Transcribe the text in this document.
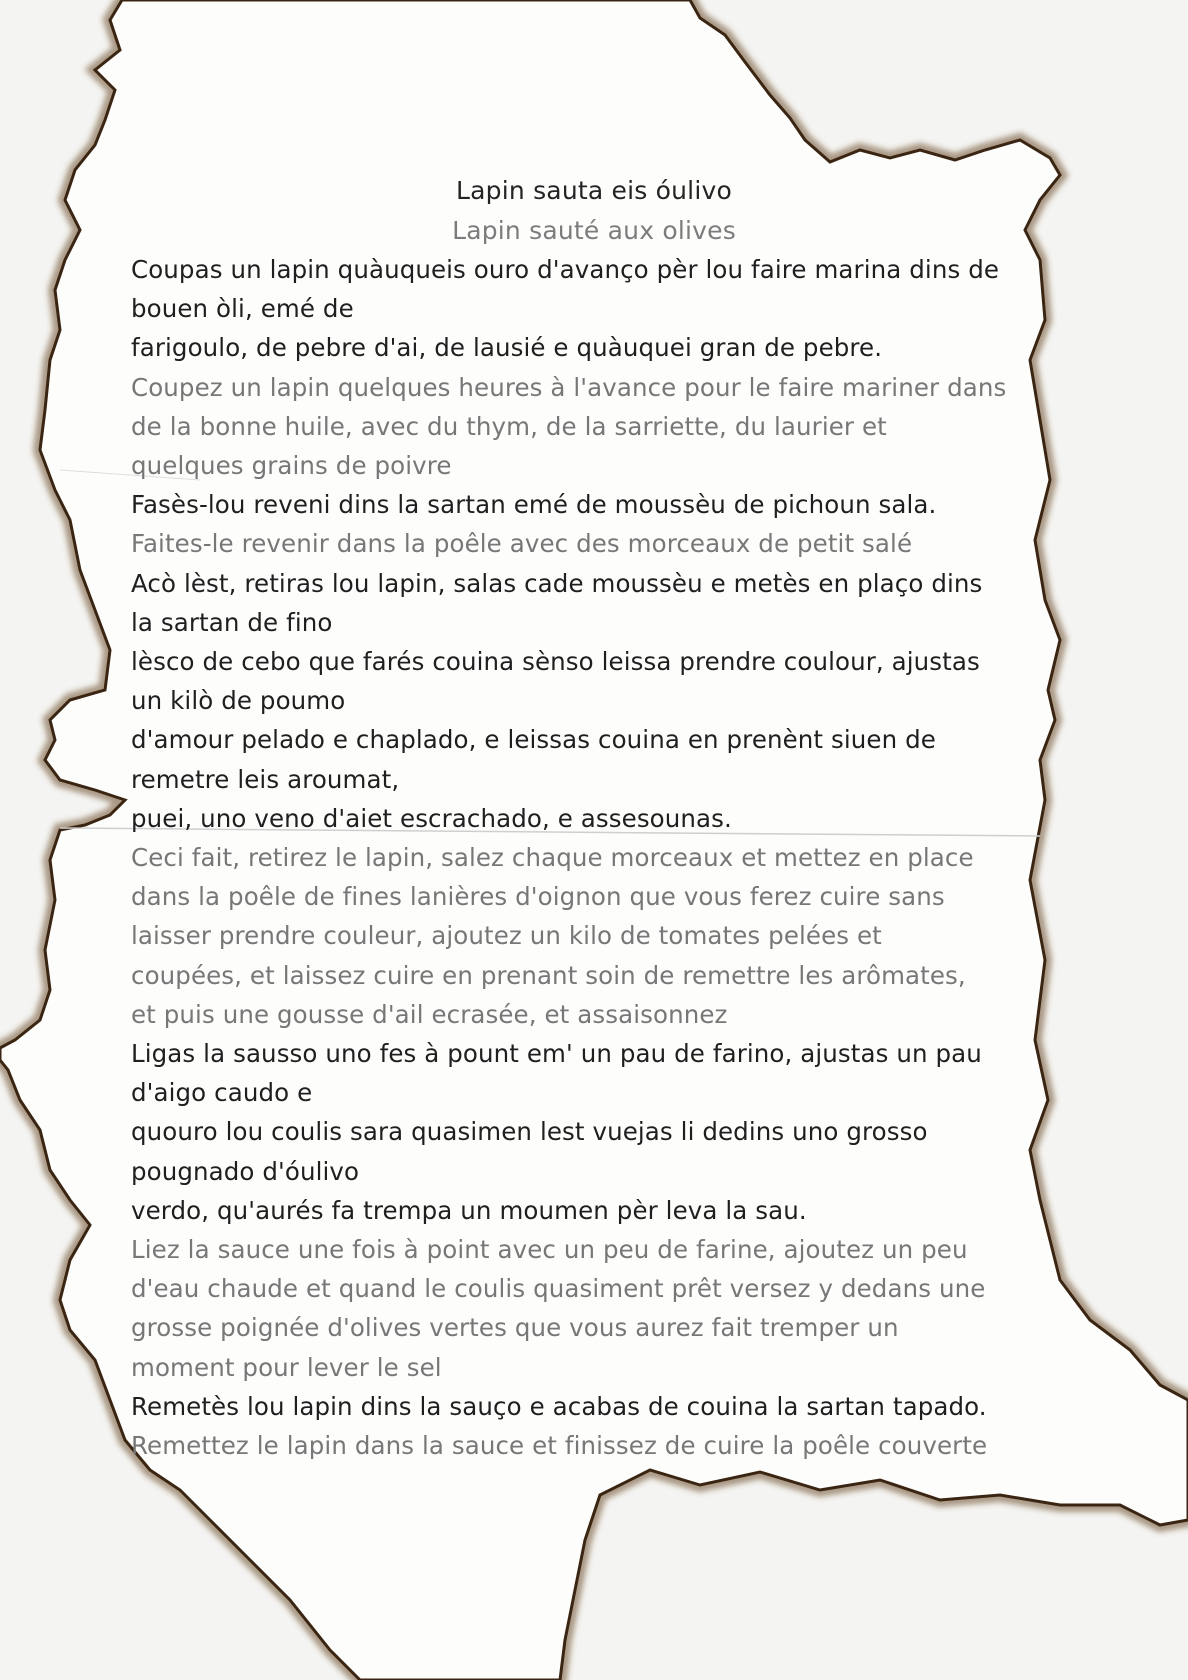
Lapin sauta eis óulivo
Lapin sauté aux olives
Coupas un lapin quàuqueis ouro d'avanço pèr lou faire marina dins de
bouen òli, emé de
farigoulo, de pebre d'ai, de lausié e quàuquei gran de pebre.
Coupez un lapin quelques heures à l'avance pour le faire mariner dans
de la bonne huile, avec du thym, de la sarriette, du laurier et
quelques grains de poivre
Fasès-lou reveni dins la sartan emé de moussèu de pichoun sala.
Faites-le revenir dans la poêle avec des morceaux de petit salé
Acò lèst, retiras lou lapin, salas cade moussèu e metès en plaço dins
la sartan de fino
lèsco de cebo que farés couina sènso leissa prendre coulour, ajustas
un kilò de poumo
d'amour pelado e chaplado, e leissas couina en prenènt siuen de
remetre leis aroumat,
puei, uno veno d'aiet escrachado, e assesounas.
Ceci fait, retirez le lapin, salez chaque morceaux et mettez en place
dans la poêle de fines lanières d'oignon que vous ferez cuire sans
laisser prendre couleur, ajoutez un kilo de tomates pelées et
coupées, et laissez cuire en prenant soin de remettre les arômates,
et puis une gousse d'ail ecrasée, et assaisonnez
Ligas la sausso uno fes à pount em' un pau de farino, ajustas un pau
d'aigo caudo e
quouro lou coulis sara quasimen lest vuejas li dedins uno grosso
pougnado d'óulivo
verdo, qu'aurés fa trempa un moumen pèr leva la sau.
Liez la sauce une fois à point avec un peu de farine, ajoutez un peu
d'eau chaude et quand le coulis quasiment prêt versez y dedans une
grosse poignée d'olives vertes que vous aurez fait tremper un
moment pour lever le sel
Remetès lou lapin dins la sauço e acabas de couina la sartan tapado.
Remettez le lapin dans la sauce et finissez de cuire la poêle couverte
